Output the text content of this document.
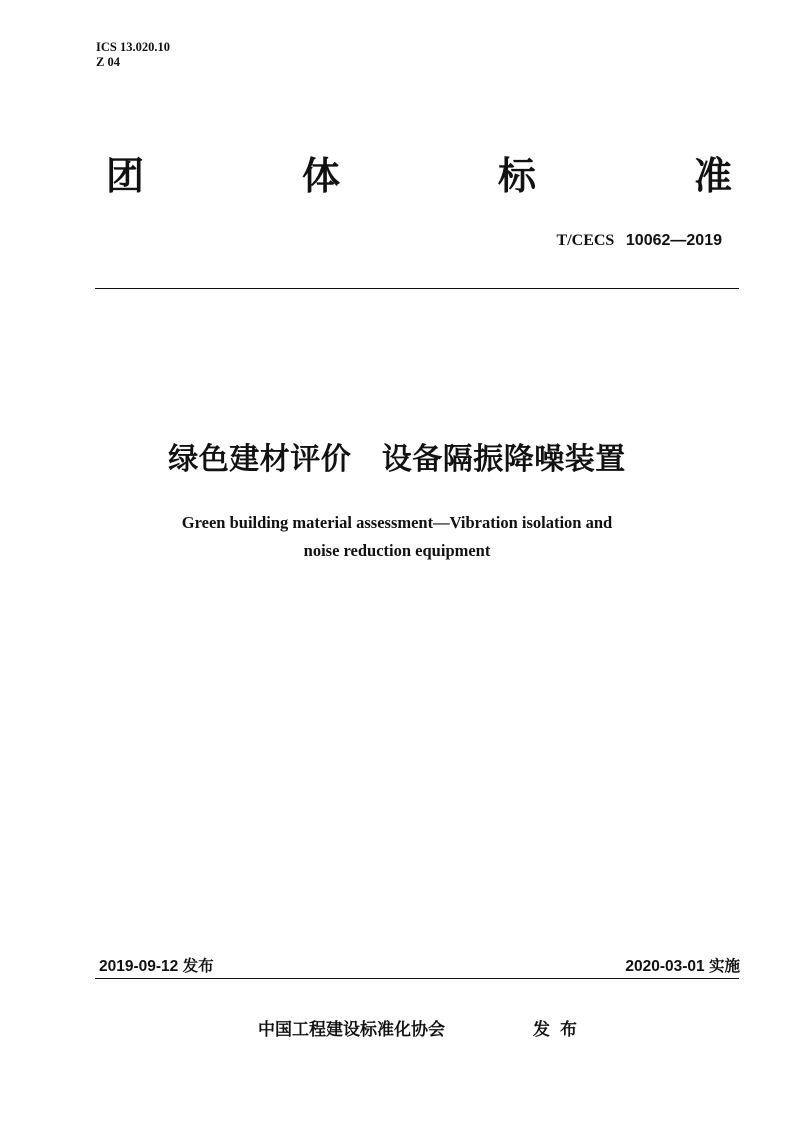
ICS 13.020.10
Z 04
团	体	标	准
T/CECS 10062—2019
绿色建材评价　设备隔振降噪装置
Green building material assessment—Vibration isolation and
noise reduction equipment
2019-09-12 发布	2020-03-01 实施
中国工程建设标准化协会	发布
